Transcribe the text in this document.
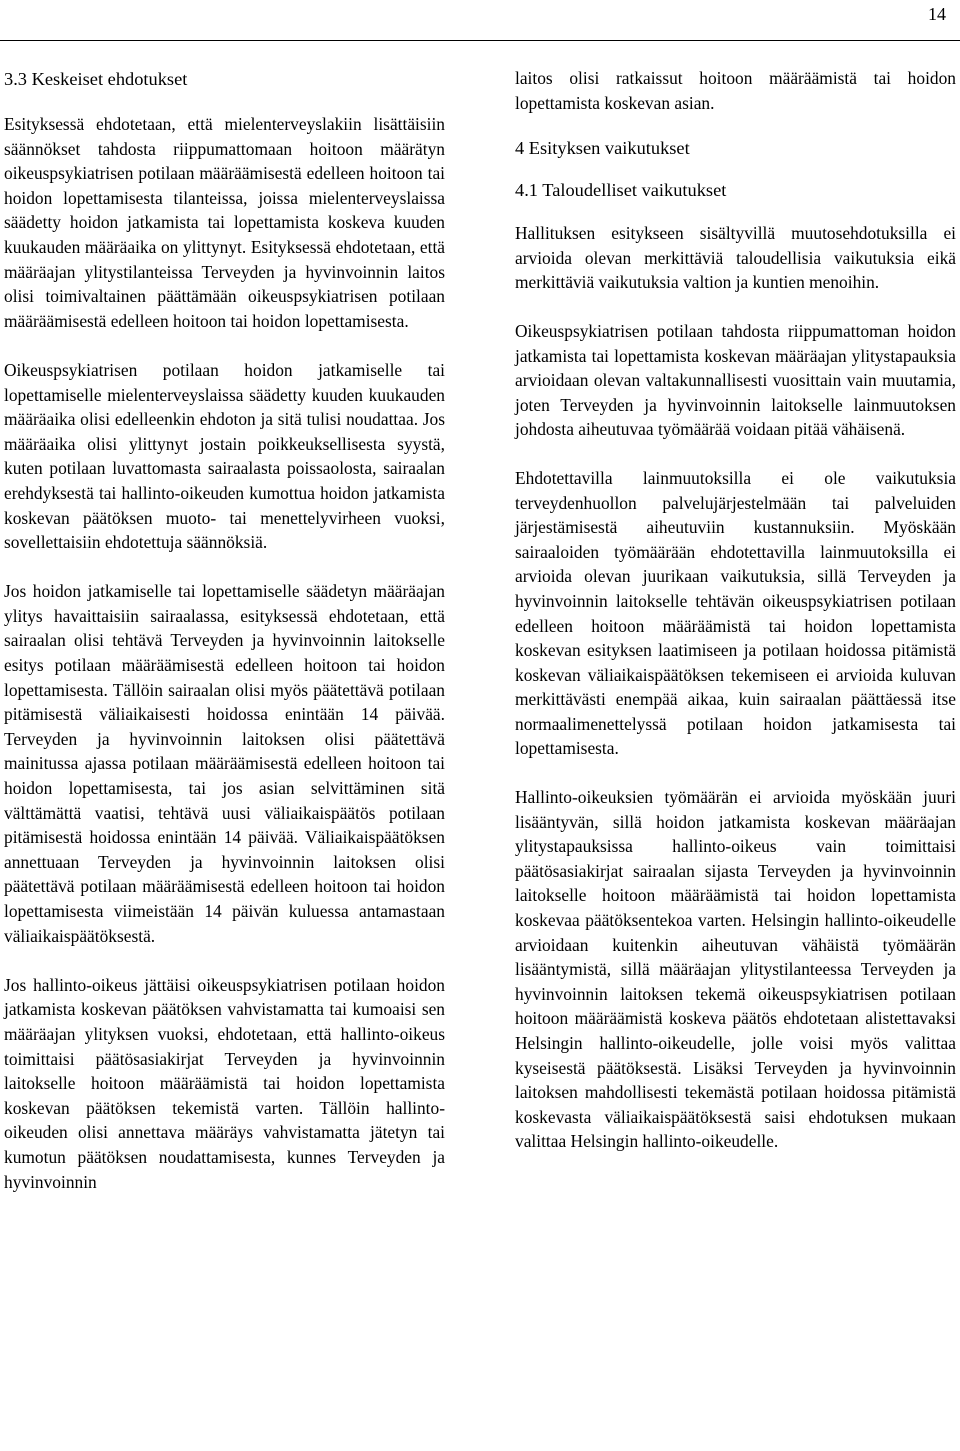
14
3.3 Keskeiset ehdotukset

Esityksessä ehdotetaan, että mielenterveyslakiin lisättäisiin säännökset tahdosta riippumattomaan hoitoon määrätyn oikeuspsykiatrisen potilaan määräämisestä edelleen hoitoon tai hoidon lopettamisesta tilanteissa, joissa mielenterveyslaissa säädetty hoidon jatkamista tai lopettamista koskeva kuuden kuukauden määräaika on ylittynyt. Esityksessä ehdotetaan, että määräajan ylitystilanteissa Terveyden ja hyvinvoinnin laitos olisi toimivaltainen päättämään oikeuspsykiatrisen potilaan määräämisestä edelleen hoitoon tai hoidon lopettamisesta.

Oikeuspsykiatrisen potilaan hoidon jatkamiselle tai lopettamiselle mielenterveyslaissa säädetty kuuden kuukauden määräaika olisi edelleenkin ehdoton ja sitä tulisi noudattaa. Jos määräaika olisi ylittynyt jostain poikkeuksellisesta syystä, kuten potilaan luvattomasta sairaalasta poissaolosta, sairaalan erehdyksestä tai hallinto-oikeuden kumottua hoidon jatkamista koskevan päätöksen muoto- tai menettelyvirheen vuoksi, sovellettaisiin ehdotettuja säännöksiä.

Jos hoidon jatkamiselle tai lopettamiselle säädetyn määräajan ylitys havaittaisiin sairaalassa, esityksessä ehdotetaan, että sairaalan olisi tehtävä Terveyden ja hyvinvoinnin laitokselle esitys potilaan määräämisestä edelleen hoitoon tai hoidon lopettamisesta. Tällöin sairaalan olisi myös päätettävä potilaan pitämisestä väliaikaisesti hoidossa enintään 14 päivää. Terveyden ja hyvinvoinnin laitoksen olisi päätettävä mainitussa ajassa potilaan määräämisestä edelleen hoitoon tai hoidon lopettamisesta, tai jos asian selvittäminen sitä välttämättä vaatisi, tehtävä uusi väliaikaispäätös potilaan pitämisestä hoidossa enintään 14 päivää. Väliaikaispäätöksen annettuaan Terveyden ja hyvinvoinnin laitoksen olisi päätettävä potilaan määräämisestä edelleen hoitoon tai hoidon lopettamisesta viimeistään 14 päivän kuluessa antamastaan väliaikaispäätöksestä.

Jos hallinto-oikeus jättäisi oikeuspsykiatrisen potilaan hoidon jatkamista koskevan päätöksen vahvistamatta tai kumoaisi sen määräajan ylityksen vuoksi, ehdotetaan, että hallinto-oikeus toimittaisi päätösasiakirjat Terveyden ja hyvinvoinnin laitokselle hoitoon määräämistä tai hoidon lopettamista koskevan päätöksen tekemistä varten. Tällöin hallinto-oikeuden olisi annettava määräys vahvistamatta jätetyn tai kumotun päätöksen noudattamisesta, kunnes Terveyden ja hyvinvoinnin

laitos olisi ratkaissut hoitoon määräämistä tai hoidon lopettamista koskevan asian.

4 Esityksen vaikutukset
4.1 Taloudelliset vaikutukset

Hallituksen esitykseen sisältyvillä muutosehdotuksilla ei arvioida olevan merkittäviä taloudellisia vaikutuksia eikä merkittäviä vaikutuksia valtion ja kuntien menoihin.

Oikeuspsykiatrisen potilaan tahdosta riippumattoman hoidon jatkamista tai lopettamista koskevan määräajan ylitystapauksia arvioidaan olevan valtakunnallisesti vuosittain vain muutamia, joten Terveyden ja hyvinvoinnin laitokselle lainmuutoksen johdosta aiheutuvaa työmäärää voidaan pitää vähäisenä.

Ehdotettavilla lainmuutoksilla ei ole vaikutuksia terveydenhuollon palvelujärjestelmään tai palveluiden järjestämisestä aiheutuviin kustannuksiin. Myöskään sairaaloiden työmäärään ehdotettavilla lainmuutoksilla ei arvioida olevan juurikaan vaikutuksia, sillä Terveyden ja hyvinvoinnin laitokselle tehtävän oikeuspsykiatrisen potilaan edelleen hoitoon määräämistä tai hoidon lopettamista koskevan esityksen laatimiseen ja potilaan hoidossa pitämistä koskevan väliaikaispäätöksen tekemiseen ei arvioida kuluvan merkittävästi enempää aikaa, kuin sairaalan päättäessä itse normaalimenettelyssä potilaan hoidon jatkamisesta tai lopettamisesta.

Hallinto-oikeuksien työmäärän ei arvioida myöskään juuri lisääntyvän, sillä hoidon jatkamista koskevan määräajan ylitystapauksissa hallinto-oikeus vain toimittaisi päätösasiakirjat sairaalan sijasta Terveyden ja hyvinvoinnin laitokselle hoitoon määräämistä tai hoidon lopettamista koskevaa päätöksentekoa varten. Helsingin hallinto-oikeudelle arvioidaan kuitenkin aiheutuvan vähäistä työmäärän lisääntymistä, sillä määräajan ylitystilanteessa Terveyden ja hyvinvoinnin laitoksen tekemä oikeuspsykiatrisen potilaan hoitoon määräämistä koskeva päätös ehdotetaan alistettavaksi Helsingin hallinto-oikeudelle, jolle voisi myös valittaa kyseisestä päätöksestä. Lisäksi Terveyden ja hyvinvoinnin laitoksen mahdollisesti tekemästä potilaan hoidossa pitämistä koskevasta väliaikaispäätöksestä saisi ehdotuksen mukaan valittaa Helsingin hallinto-oikeudelle.
